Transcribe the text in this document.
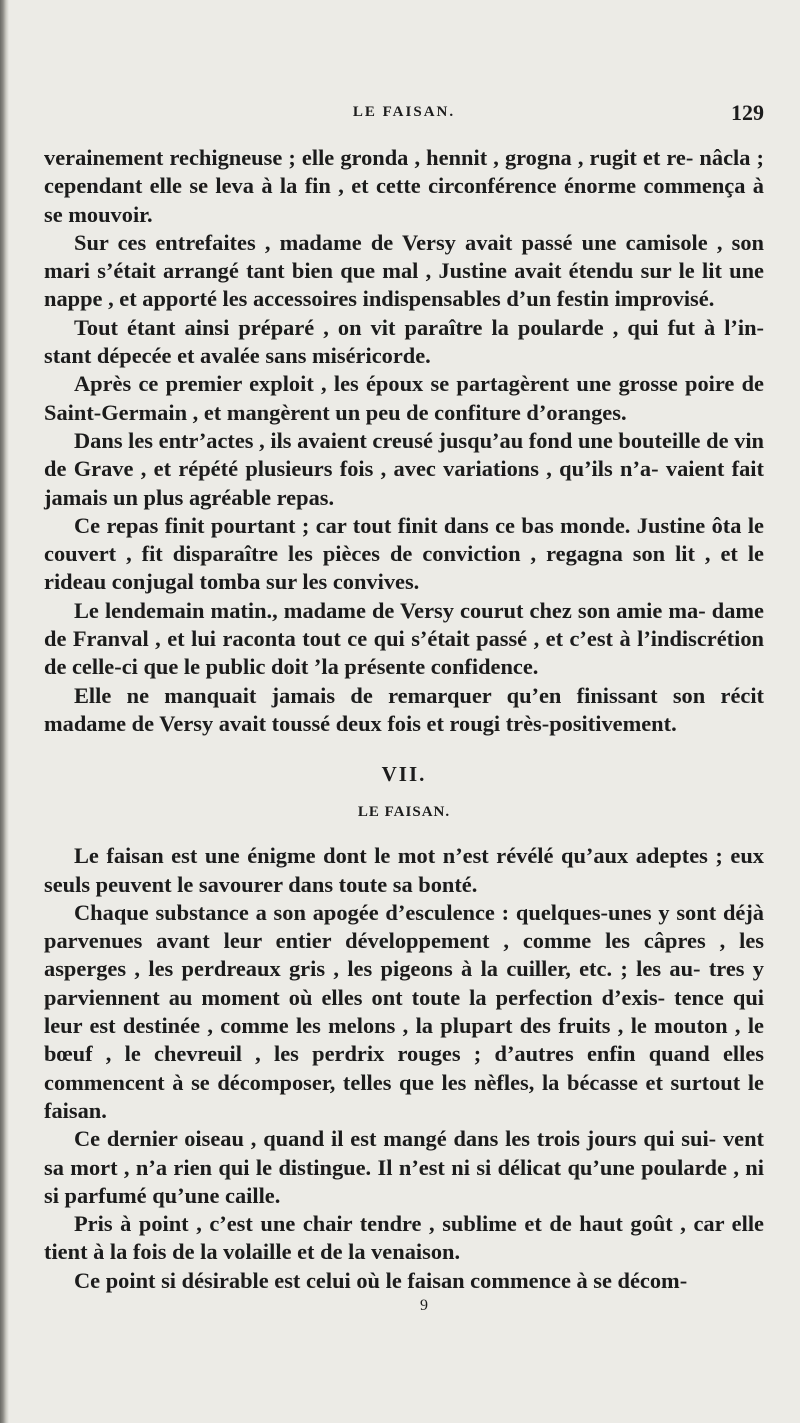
LE FAISAN.	129

verainement rechigneuse ; elle gronda , hennit , grogna , rugit et re- nâcla ; cependant elle se leva à la fin , et cette circonférence énorme commença à se mouvoir.

Sur ces entrefaites , madame de Versy avait passé une camisole , son mari s’était arrangé tant bien que mal , Justine avait étendu sur le lit une nappe , et apporté les accessoires indispensables d’un festin improvisé.

Tout étant ainsi préparé , on vit paraître la poularde , qui fut à l’in- stant dépecée et avalée sans miséricorde.

Après ce premier exploit , les époux se partagèrent une grosse poire de Saint-Germain , et mangèrent un peu de confiture d’oranges.

Dans les entr’actes , ils avaient creusé jusqu’au fond une bouteille de vin de Grave , et répété plusieurs fois , avec variations , qu’ils n’a- vaient fait jamais un plus agréable repas.

Ce repas finit pourtant ; car tout finit dans ce bas monde. Justine ôta le couvert , fit disparaître les pièces de conviction , regagna son lit , et le rideau conjugal tomba sur les convives.

Le lendemain matin., madame de Versy courut chez son amie ma- dame de Franval , et lui raconta tout ce qui s’était passé , et c’est à l’indiscrétion de celle-ci que le public doit ’la présente confidence.

Elle ne manquait jamais de remarquer qu’en finissant son récit madame de Versy avait toussé deux fois et rougi très-positivement.

VII.
LE FAISAN.

Le faisan est une énigme dont le mot n’est révélé qu’aux adeptes ; eux seuls peuvent le savourer dans toute sa bonté.

Chaque substance a son apogée d’esculence : quelques-unes y sont déjà parvenues avant leur entier développement , comme les câpres , les asperges , les perdreaux gris , les pigeons à la cuiller, etc. ; les au- tres y parviennent au moment où elles ont toute la perfection d’exis- tence qui leur est destinée , comme les melons , la plupart des fruits , le mouton , le bœuf , le chevreuil , les perdrix rouges ; d’autres enfin quand elles commencent à se décomposer, telles que les nèfles, la bécasse et surtout le faisan.

Ce dernier oiseau , quand il est mangé dans les trois jours qui sui- vent sa mort , n’a rien qui le distingue. Il n’est ni si délicat qu’une poularde , ni si parfumé qu’une caille.

Pris à point , c’est une chair tendre , sublime et de haut goût , car elle tient à la fois de la volaille et de la venaison.

Ce point si désirable est celui où le faisan commence à se décom-

9
